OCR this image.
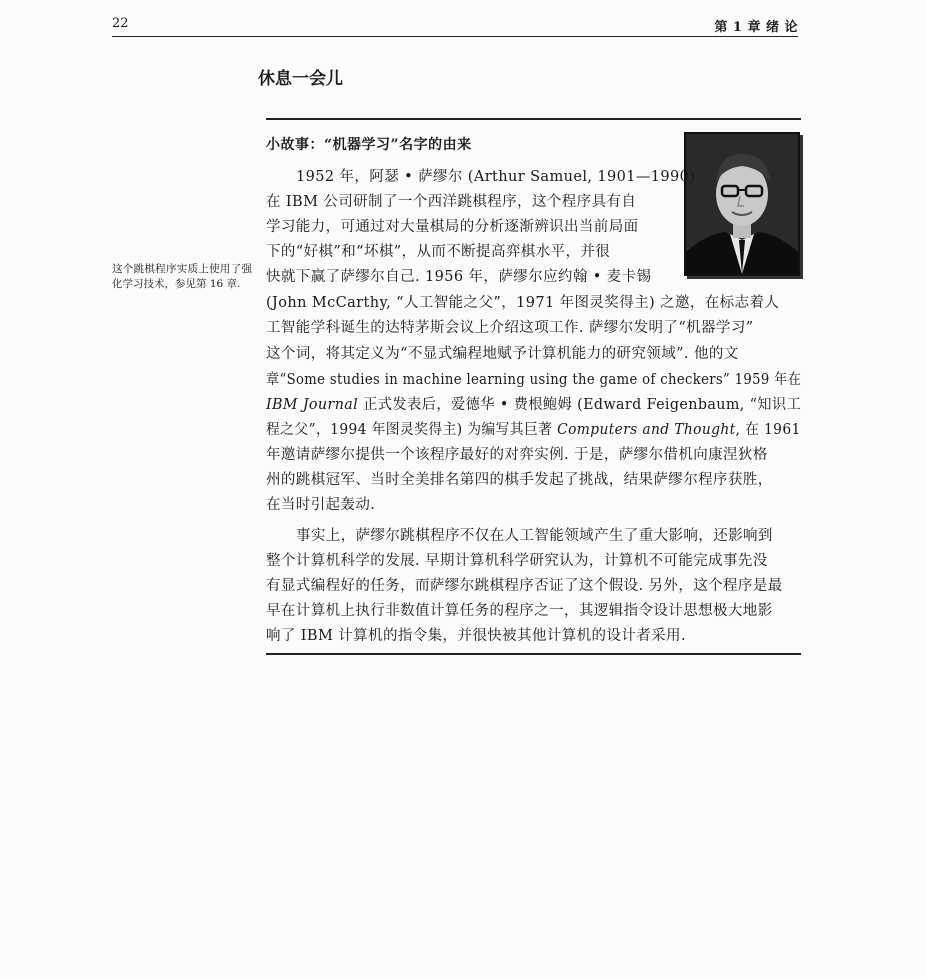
22	第 1 章 绪 论
休息一会儿
小故事：“机器学习”名字的由来
这个跳棋程序实质上使用了强化学习技术，参见第 16 章.
1952 年，阿瑟 • 萨缪尔 (Arthur Samuel, 1901—1990)
在 IBM 公司研制了一个西洋跳棋程序，这个程序具有自
学习能力，可通过对大量棋局的分析逐渐辨识出当前局面
下的“好棋”和“坏棋”，从而不断提高弈棋水平，并很
快就下赢了萨缪尔自己. 1956 年，萨缪尔应约翰 • 麦卡锡
(John McCarthy, “人工智能之父”，1971 年图灵奖得主) 之邀，在标志着人
工智能学科诞生的达特茅斯会议上介绍这项工作. 萨缪尔发明了“机器学习”
这个词，将其定义为“不显式编程地赋予计算机能力的研究领域”. 他的文
章“Some studies in machine learning using the game of checkers” 1959 年在
IBM Journal 正式发表后，爱德华 • 费根鲍姆 (Edward Feigenbaum, “知识工
程之父”，1994 年图灵奖得主) 为编写其巨著 Computers and Thought, 在 1961
年邀请萨缪尔提供一个该程序最好的对弈实例. 于是，萨缪尔借机向康涅狄格
州的跳棋冠军、当时全美排名第四的棋手发起了挑战，结果萨缪尔程序获胜，
在当时引起轰动.
事实上，萨缪尔跳棋程序不仅在人工智能领域产生了重大影响，还影响到
整个计算机科学的发展. 早期计算机科学研究认为，计算机不可能完成事先没
有显式编程好的任务，而萨缪尔跳棋程序否证了这个假设. 另外，这个程序是最
早在计算机上执行非数值计算任务的程序之一，其逻辑指令设计思想极大地影
响了 IBM 计算机的指令集，并很快被其他计算机的设计者采用.
